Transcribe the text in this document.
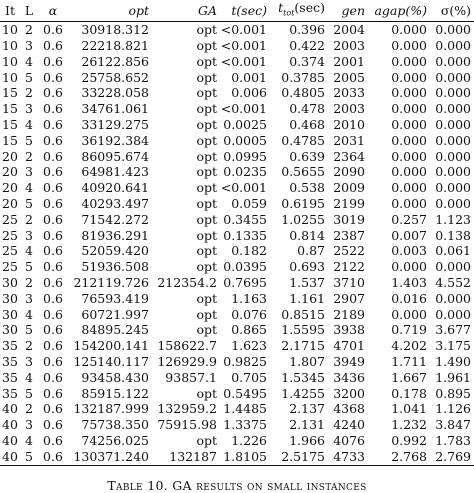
It	L	α	opt	GA	t(sec)	$t_{tot}(\sec)$	gen	agap(%)	σ(%)
10	2	0.6	30918.312	opt	<0.001	0.396	2004	0.000	0.000
10	3	0.6	22218.821	opt	<0.001	0.422	2003	0.000	0.000
10	4	0.6	26122.856	opt	<0.001	0.374	2001	0.000	0.000
10	5	0.6	25758.652	opt	0.001	0.3785	2005	0.000	0.000
15	2	0.6	33228.058	opt	0.006	0.4805	2033	0.000	0.000
15	3	0.6	34761.061	opt	<0.001	0.478	2003	0.000	0.000
15	4	0.6	33129.275	opt	0.0025	0.468	2010	0.000	0.000
15	5	0.6	36192.384	opt	0.0005	0.4785	2031	0.000	0.000
20	2	0.6	86095.674	opt	0.0995	0.639	2364	0.000	0.000
20	3	0.6	64981.423	opt	0.0235	0.5655	2090	0.000	0.000
20	4	0.6	40920.641	opt	<0.001	0.538	2009	0.000	0.000
20	5	0.6	40293.497	opt	0.059	0.6195	2199	0.000	0.000
25	2	0.6	71542.272	opt	0.3455	1.0255	3019	0.257	1.123
25	3	0.6	81936.291	opt	0.1335	0.814	2387	0.007	0.138
25	4	0.6	52059.420	opt	0.182	0.87	2522	0.003	0.061
25	5	0.6	51936.508	opt	0.0395	0.693	2122	0.000	0.000
30	2	0.6	212119.726	212354.2	0.7695	1.537	3710	1.403	4.552
30	3	0.6	76593.419	opt	1.163	1.161	2907	0.016	0.000
30	4	0.6	60721.997	opt	0.076	0.8515	2189	0.000	0.000
30	5	0.6	84895.245	opt	0.865	1.5595	3938	0.719	3.677
35	2	0.6	154200.141	158622.7	1.623	2.1715	4701	4.202	3.175
35	3	0.6	125140.117	126929.9	0.9825	1.807	3949	1.711	1.490
35	4	0.6	93458.430	93857.1	0.705	1.5345	3436	1.667	1.961
35	5	0.6	85915.122	opt	0.5495	1.4255	3200	0.178	0.895
40	2	0.6	132187.999	132959.2	1.4485	2.137	4368	1.041	1.126
40	3	0.6	75738.350	75915.98	1.3375	2.131	4240	1.232	3.847
40	4	0.6	74256.025	opt	1.226	1.966	4076	0.992	1.783
40	5	0.6	130371.240	132187	1.8105	2.5175	4733	2.768	2.769
Table 10. GA results on small instances
